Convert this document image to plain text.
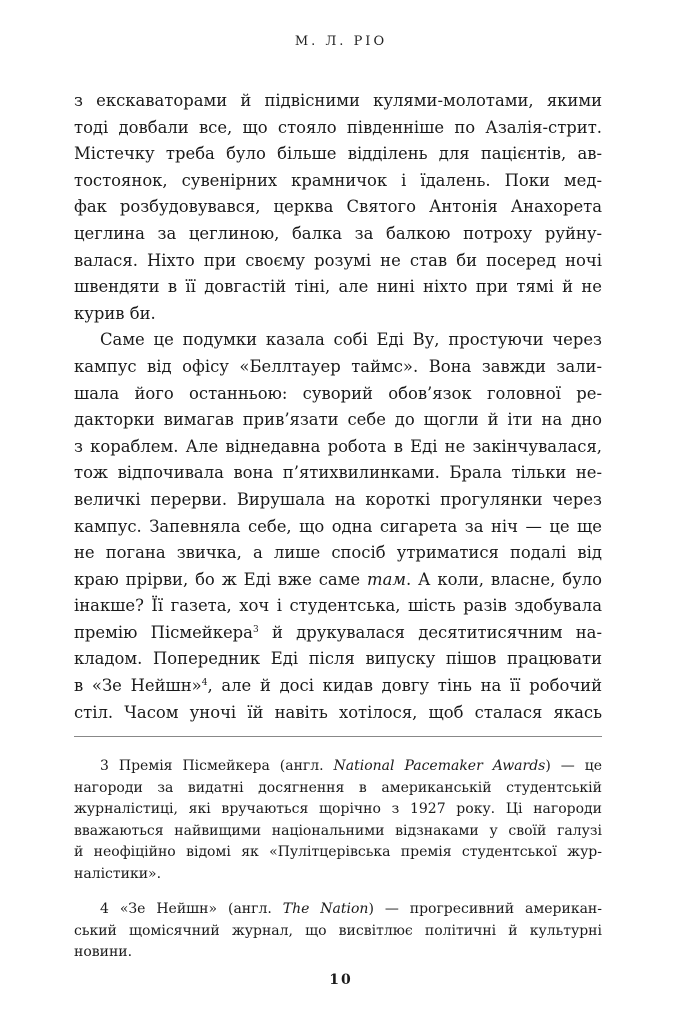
М. Л. РІО

з екскаваторами й підвісними кулями-молотами, якими
тоді довбали все, що стояло південніше по Азалія-стрит.
Містечку треба було більше відділень для пацієнтів, ав-
тостоянок, сувенірних крамничок і їдалень. Поки мед-
фак розбудовувався, церква Святого Антонія Анахорета
цеглина за цеглиною, балка за балкою потроху руйну-
валася. Ніхто при своєму розумі не став би посеред ночі
швендяти в її довгастій тіні, але нині ніхто при тямі й не
курив би.

Саме це подумки казала собі Еді Ву, простуючи через
кампус від офісу «Беллтауер таймс». Вона завжди зали-
шала його останньою: суворий обов’язок головної ре-
дакторки вимагав прив’язати себе до щогли й іти на дно
з кораблем. Але віднедавна робота в Еді не закінчувалася,
тож відпочивала вона п’ятихвилинками. Брала тільки не-
величкі перерви. Вирушала на короткі прогулянки через
кампус. Запевняла себе, що одна сигарета за ніч — це ще
не погана звичка, а лише спосіб утриматися подалі від
краю прірви, бо ж Еді вже саме там. А коли, власне, було
інакше? Її газета, хоч і студентська, шість разів здобувала
премію Пісмейкера$^3$ й друкувалася десятитисячним на-
кладом. Попередник Еді після випуску пішов працювати
в «Зе Нейшн»$^4$, але й досі кидав довгу тінь на її робочий
стіл. Часом уночі їй навіть хотілося, щоб сталася якась

3 Премія Пісмейкера (англ. National Pacemaker Awards) — це
нагороди за видатні досягнення в американській студентській
журналістиці, які вручаються щорічно з 1927 року. Ці нагороди
вважаються найвищими національними відзнаками у своїй галузі
й неофіційно відомі як «Пулітцерівська премія студентської жур-
налістики».
4 «Зе Нейшн» (англ. The Nation) — прогресивний американ-
ський щомісячний журнал, що висвітлює політичні й культурні
новини.
10
